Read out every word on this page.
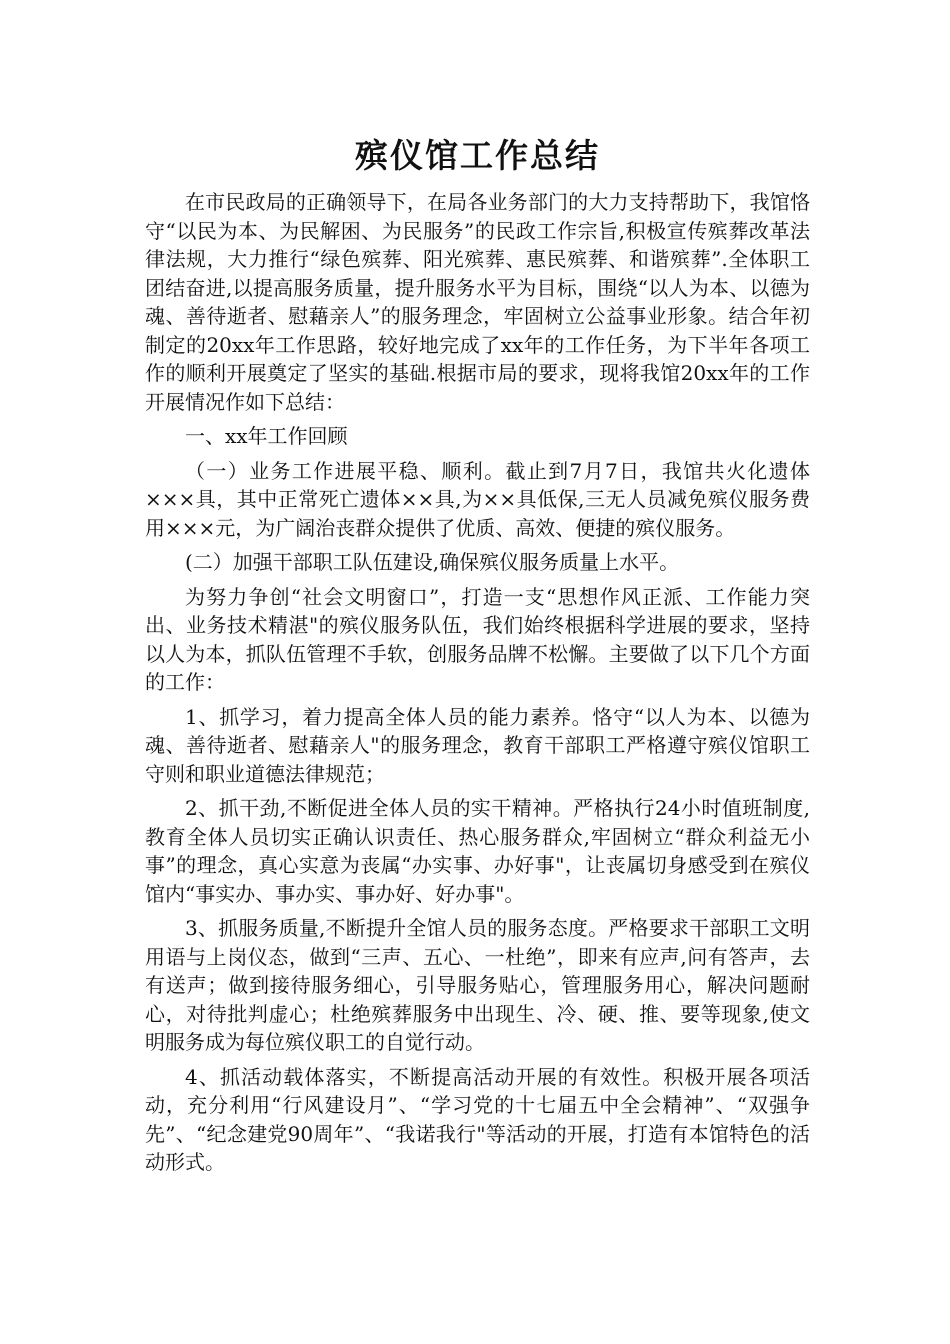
殡仪馆工作总结

在市民政局的正确领导下，在局各业务部门的大力支持帮助下，我馆恪守“以民为本、为民解困、为民服务”的民政工作宗旨,积极宣传殡葬改革法律法规，大力推行“绿色殡葬、阳光殡葬、惠民殡葬、和谐殡葬”.全体职工团结奋进,以提高服务质量，提升服务水平为目标，围绕“以人为本、以德为魂、善待逝者、慰藉亲人”的服务理念，牢固树立公益事业形象。结合年初制定的20xx年工作思路，较好地完成了xx年的工作任务，为下半年各项工作的顺利开展奠定了坚实的基础.根据市局的要求，现将我馆20xx年的工作开展情况作如下总结：

一、xx年工作回顾

（一）业务工作进展平稳、顺利。截止到7月7日，我馆共火化遗体×××具，其中正常死亡遗体××具,为××具低保,三无人员减免殡仪服务费用×××元，为广阔治丧群众提供了优质、高效、便捷的殡仪服务。

(二）加强干部职工队伍建设,确保殡仪服务质量上水平。

为努力争创“社会文明窗口”，打造一支“思想作风正派、工作能力突出、业务技术精湛"的殡仪服务队伍，我们始终根据科学进展的要求，坚持以人为本，抓队伍管理不手软，创服务品牌不松懈。主要做了以下几个方面的工作：

1、抓学习，着力提高全体人员的能力素养。恪守“以人为本、以德为魂、善待逝者、慰藉亲人"的服务理念，教育干部职工严格遵守殡仪馆职工守则和职业道德法律规范；

2、抓干劲,不断促进全体人员的实干精神。严格执行24小时值班制度,教育全体人员切实正确认识责任、热心服务群众,牢固树立“群众利益无小事”的理念，真心实意为丧属“办实事、办好事"，让丧属切身感受到在殡仪馆内“事实办、事办实、事办好、好办事"。

3、抓服务质量,不断提升全馆人员的服务态度。严格要求干部职工文明用语与上岗仪态，做到“三声、五心、一杜绝”，即来有应声,问有答声，去有送声；做到接待服务细心，引导服务贴心，管理服务用心，解决问题耐心，对待批判虚心；杜绝殡葬服务中出现生、冷、硬、推、要等现象,使文明服务成为每位殡仪职工的自觉行动。

4、抓活动载体落实，不断提高活动开展的有效性。积极开展各项活动，充分利用“行风建设月”、“学习党的十七届五中全会精神”、“双强争先”、“纪念建党90周年”、“我诺我行"等活动的开展，打造有本馆特色的活动形式。
